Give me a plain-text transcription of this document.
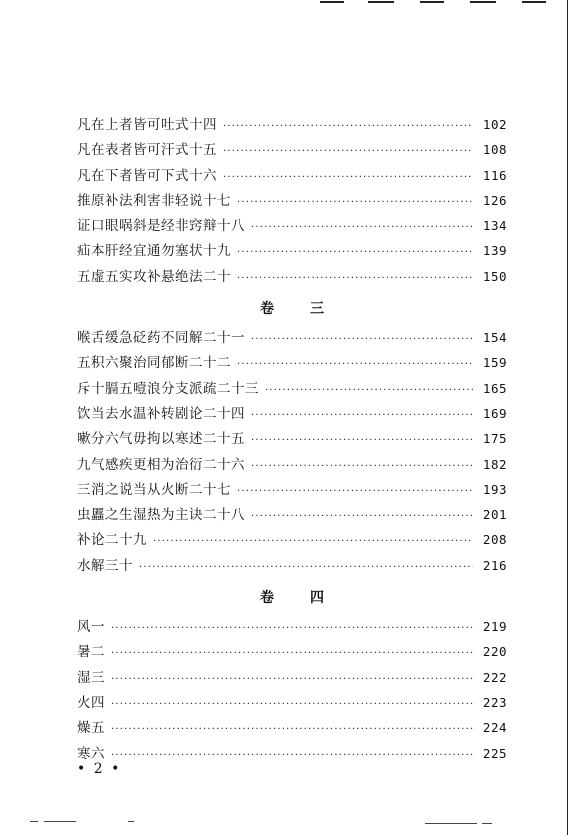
凡在上者皆可吐式十四 ·····	102
凡在表者皆可汗式十五 ·····	108
凡在下者皆可下式十六 ·····	116
推原补法利害非轻说十七 ·····	126
证口眼㖞斜是经非窍辩十八 ·····	134
疝本肝经宜通勿塞状十九 ·····	139
五虚五实攻补悬绝法二十 ·····	150
卷	三
喉舌缓急砭药不同解二十一 ·····	154
五积六聚治同郁断二十二 ·····	159
斥十膈五噎浪分支派疏二十三 ·····	165
饮当去水温补转剧论二十四 ·····	169
嗽分六气毋拘以寒述二十五 ·····	175
九气感疾更相为治衍二十六 ·····	182
三消之说当从火断二十七 ·····	193
虫䘌之生湿热为主诀二十八 ·····	201
补论二十九 ·····	208
水解三十 ·····	216
卷	四
风一 ·····	219
暑二 ·····	220
湿三 ·····	222
火四 ·····	223
燥五 ·····	224
寒六 ·····	225
• 2 •
